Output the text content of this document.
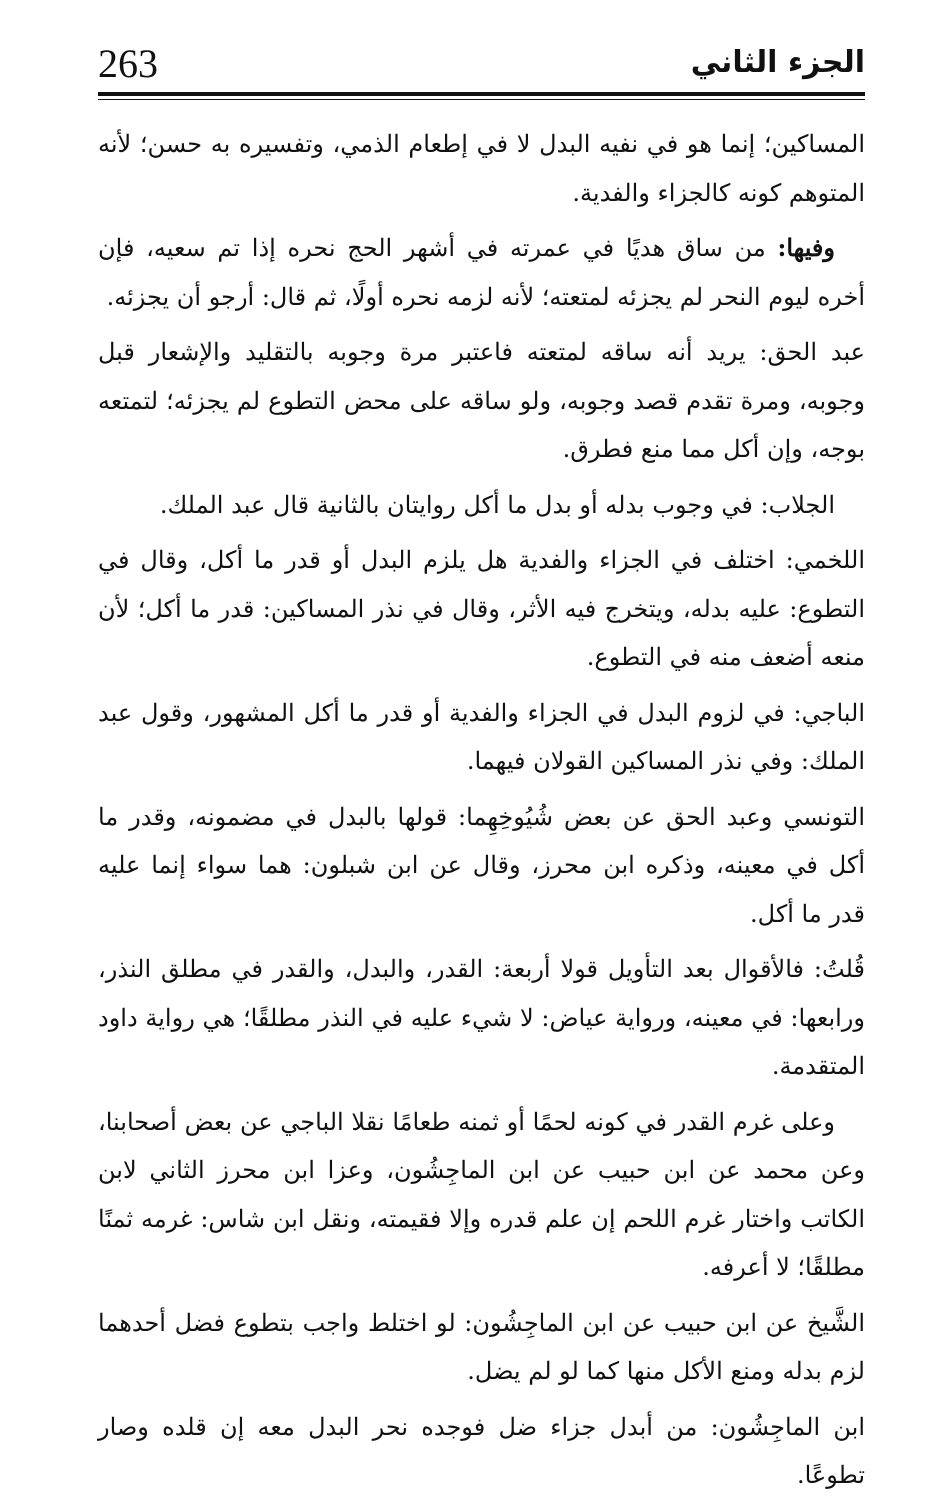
263	الجزء الثاني

المساكين؛ إنما هو في نفيه البدل لا في إطعام الذمي، وتفسيره به حسن؛ لأنه المتوهم كونه كالجزاء والفدية.

وفيها: من ساق هديًا في عمرته في أشهر الحج نحره إذا تم سعيه، فإن أخره ليوم النحر لم يجزئه لمتعته؛ لأنه لزمه نحره أولًا، ثم قال: أرجو أن يجزئه.

عبد الحق: يريد أنه ساقه لمتعته فاعتبر مرة وجوبه بالتقليد والإشعار قبل وجوبه، ومرة تقدم قصد وجوبه، ولو ساقه على محض التطوع لم يجزئه؛ لتمتعه بوجه، وإن أكل مما منع فطرق.

الجلاب: في وجوب بدله أو بدل ما أكل روايتان بالثانية قال عبد الملك.

اللخمي: اختلف في الجزاء والفدية هل يلزم البدل أو قدر ما أكل، وقال في التطوع: عليه بدله، ويتخرج فيه الأثر، وقال في نذر المساكين: قدر ما أكل؛ لأن منعه أضعف منه في التطوع.

الباجي: في لزوم البدل في الجزاء والفدية أو قدر ما أكل المشهور، وقول عبد الملك: وفي نذر المساكين القولان فيهما.

التونسي وعبد الحق عن بعض شُيُوخِهِما: قولها بالبدل في مضمونه، وقدر ما أكل في معينه، وذكره ابن محرز، وقال عن ابن شبلون: هما سواء إنما عليه قدر ما أكل.

قُلتُ: فالأقوال بعد التأويل قولا أربعة: القدر، والبدل، والقدر في مطلق النذر، ورابعها: في معينه، ورواية عياض: لا شيء عليه في النذر مطلقًا؛ هي رواية داود المتقدمة.

وعلى غرم القدر في كونه لحمًا أو ثمنه طعامًا نقلا الباجي عن بعض أصحابنا، وعن محمد عن ابن حبيب عن ابن الماجِشُون، وعزا ابن محرز الثاني لابن الكاتب واختار غرم اللحم إن علم قدره وإلا فقيمته، ونقل ابن شاس: غرمه ثمنًا مطلقًا؛ لا أعرفه.

الشَّيخ عن ابن حبيب عن ابن الماجِشُون: لو اختلط واجب بتطوع فضل أحدهما لزم بدله ومنع الأكل منها كما لو لم يضل.

ابن الماجِشُون: من أبدل جزاء ضل فوجده نحر البدل معه إن قلده وصار تطوعًا.
